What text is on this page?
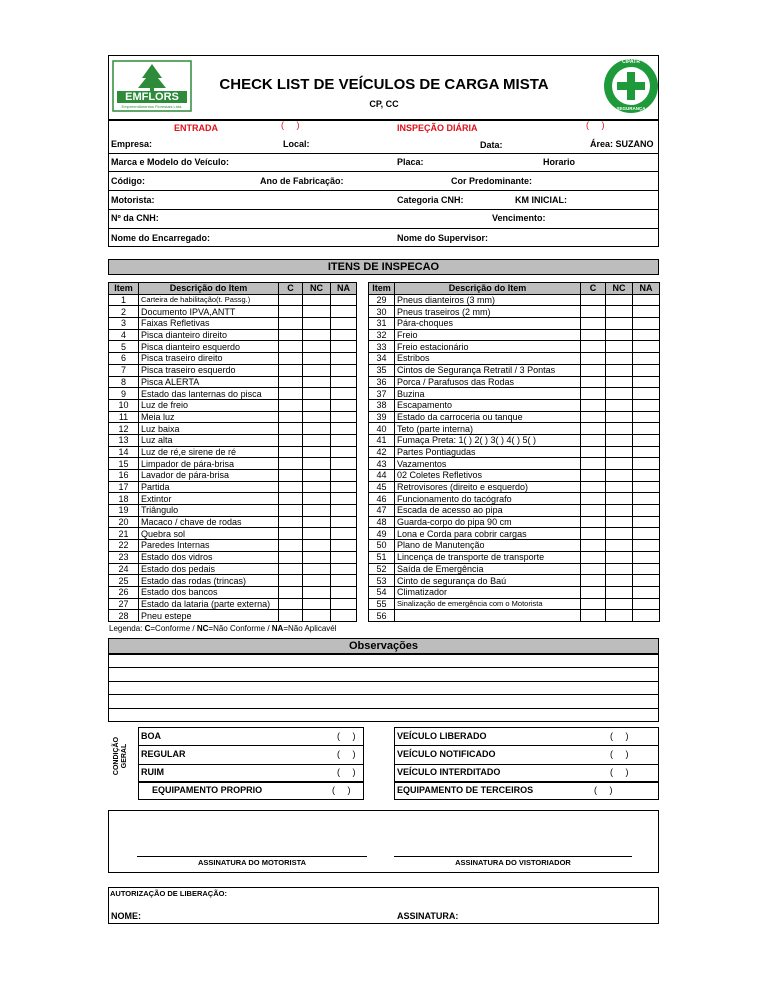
EMFLORS
Empreendimentos Florestais Ltda.
CHECK LIST DE VEÍCULOS DE CARGA MISTA
CP, CC
CIPATR
SEGURANÇA
ENTRADA	(     )	INSPEÇÃO DIÁRIA	(     )
Empresa:	Local:	Data:	Área: SUZANO
Marca e Modelo do Veículo:	Placa:	Horario
Código:	Ano de Fabricação:	Cor Predominante:
Motorista:	Categoria CNH:	KM INICIAL:
Nº da CNH:	Vencimento:
Nome do Encarregado:	Nome do Supervisor:
ITENS DE INSPECAO
Item	Descrição do Item	C	NC	NA
1	Carteira de habilitação(t. Passg.)			
2	Documento IPVA,ANTT			
3	Faixas Refletivas			
4	Pisca dianteiro direito			
5	Pisca dianteiro esquerdo			
6	Pisca traseiro direito			
7	Pisca traseiro esquerdo			
8	Pisca ALERTA			
9	Estado das lanternas do pisca			
10	Luz de freio			
11	Meia luz			
12	Luz baixa			
13	Luz alta			
14	Luz de ré,e sirene de ré			
15	Limpador de pára-brisa			
16	Lavador de pára-brisa			
17	Partida			
18	Extintor			
19	Triângulo			
20	Macaco / chave de rodas			
21	Quebra sol			
22	Paredes Internas			
23	Estado dos vidros			
24	Estado dos pedais			
25	Estado das rodas (trincas)			
26	Estado dos bancos			
27	Estado da lataria (parte externa)			
28	Pneu estepe			
Item	Descrição do Item	C	NC	NA
29	Pneus dianteiros (3 mm)			
30	Pneus traseiros (2 mm)			
31	Pára-choques			
32	Freio			
33	Freio estacionário			
34	Estribos			
35	Cintos de Segurança Retratil / 3 Pontas			
36	Porca / Parafusos das Rodas			
37	Buzina			
38	Escapamento			
39	Estado da carroceria ou tanque			
40	Teto (parte interna)			
41	Fumaça Preta: 1( ) 2( ) 3( ) 4( ) 5( )			
42	Partes Pontiagudas			
43	Vazamentos			
44	02 Coletes Refletivos			
45	Retrovisores (direito e esquerdo)			
46	Funcionamento do tacógrafo			
47	Escada de acesso ao pipa			
48	Guarda-corpo do pipa 90 cm			
49	Lona e Corda para cobrir cargas			
50	Plano de Manutenção			
51	Lincença de transporte de transporte			
52	Saída de Emergência			
53	Cinto de segurança do Baú			
54	Climatizador			
55	Sinalização de emergência com o Motorista			
56				
Legenda: C=Conforme / NC=Não Conforme / NA=Não Aplicavél
Observações
CONDIÇÃO
GERAL
BOA	(     )
REGULAR	(     )
RUIM	(     )
VEÍCULO LIBERADO	(     )
VEÍCULO NOTIFICADO	(     )
VEÍCULO INTERDITADO	(     )
EQUIPAMENTO PROPRIO	(     )	EQUIPAMENTO DE TERCEIROS	(     )
ASSINATURA DO MOTORISTA	ASSINATURA DO VISTORIADOR
AUTORIZAÇÃO DE LIBERAÇÃO:
NOME:	ASSINATURA:
